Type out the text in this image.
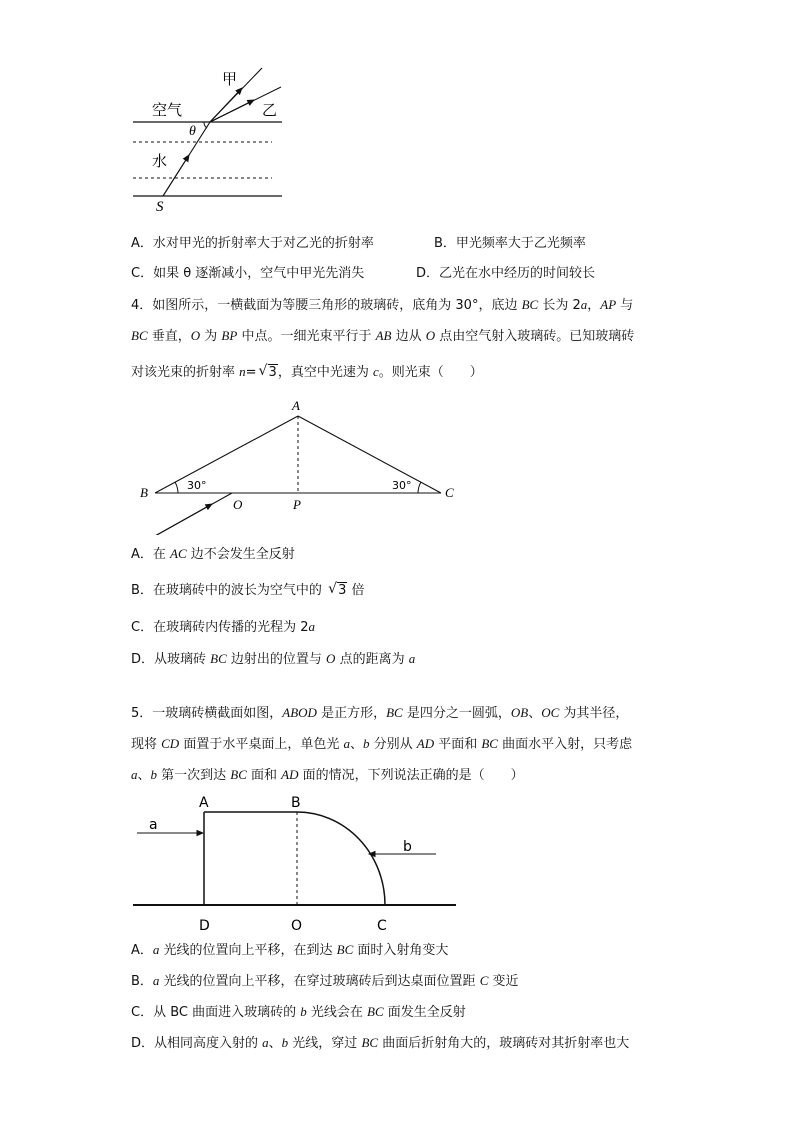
空气
水
甲
乙
θ
S
A．水对甲光的折射率大于对乙光的折射率	B．甲光频率大于乙光频率
C．如果 θ 逐渐减小，空气中甲光先消失	D．乙光在水中经历的时间较长
4．如图所示，一横截面为等腰三角形的玻璃砖，底角为 30°，底边 BC 长为 2a，AP 与
BC 垂直，O 为 BP 中点。一细光束平行于 AB 边从 O 点由空气射入玻璃砖。已知玻璃砖
对该光束的折射率 n= √ 3，真空中光速为 c。则光束（　　）
A
B	C
O	P
30°	30°
A．在 AC 边不会发生全反射
B．在玻璃砖中的波长为空气中的 √ 3 倍
C．在玻璃砖内传播的光程为 2a
D．从玻璃砖 BC 边射出的位置与 O 点的距离为 a
5．一玻璃砖横截面如图，ABOD 是正方形，BC 是四分之一圆弧，OB、OC 为其半径，
现将 CD 面置于水平桌面上，单色光 a、b 分别从 AD 平面和 BC 曲面水平入射，只考虑
a、b 第一次到达 BC 面和 AD 面的情况，下列说法正确的是（　　）
A	B
D	O	C
a
b
A．a 光线的位置向上平移，在到达 BC 面时入射角变大
B．a 光线的位置向上平移，在穿过玻璃砖后到达桌面位置距 C 变近
C．从 BC 曲面进入玻璃砖的 b 光线会在 BC 面发生全反射
D．从相同高度入射的 a、b 光线，穿过 BC 曲面后折射角大的，玻璃砖对其折射率也大
